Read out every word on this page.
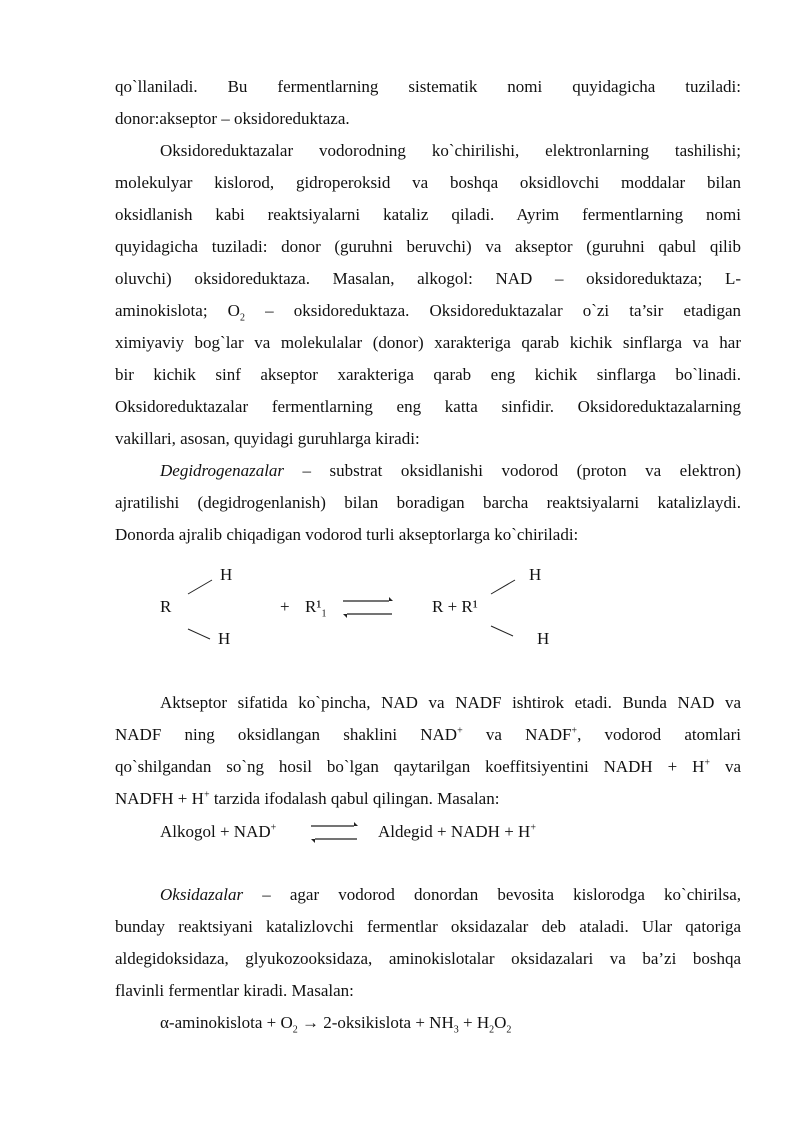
qo`llaniladi. Bu fermentlarning sistematik nomi quyidagicha tuziladi:
donor:akseptor – oksidoreduktaza.
Oksidoreduktazalar vodorodning ko`chirilishi, elektronlarning tashilishi;
molekulyar kislorod, gidroperoksid va boshqa oksidlovchi moddalar bilan
oksidlanish kabi reaktsiyalarni kataliz qiladi. Ayrim fermentlarning nomi
quyidagicha tuziladi: donor (guruhni beruvchi) va akseptor (guruhni qabul qilib
oluvchi) oksidoreduktaza. Masalan, alkogol: NAD – oksidoreduktaza; L-
aminokislota; $O_2$ – oksidoreduktaza. Oksidoreduktazalar o`zi ta’sir etadigan
ximiyaviy bog`lar va molekulalar (donor) xarakteriga qarab kichik sinflarga va har
bir kichik sinf akseptor xarakteriga qarab eng kichik sinflarga bo`linadi.
Oksidoreduktazalar fermentlarning eng katta sinfidir. Oksidoreduktazalarning
vakillari, asosan, quyidagi guruhlarga kiradi:
Degidrogenazalar – substrat oksidlanishi vodorod (proton va elektron)
ajratilishi (degidrogenlanish) bilan boradigan barcha reaktsiyalarni katalizlaydi.
Donorda ajralib chiqadigan vodorod turli akseptorlarga ko`chiriladi:
H
R
H
+ $R^1_1$	R + R¹
H
H
Aktseptor sifatida ko`pincha, NAD va NADF ishtirok etadi. Bunda NAD va
NADF ning oksidlangan shaklini NAD+ va NADF+, vodorod atomlari
qo`shilgandan so`ng hosil bo`lgan qaytarilgan koeffitsiyentini NADH + H+ va
NADFH + H+ tarzida ifodalash qabul qilingan. Masalan:
Alkogol + NAD+	Aldegid + NADH + H+
Oksidazalar – agar vodorod donordan bevosita kislorodga ko`chirilsa,
bunday reaktsiyani katalizlovchi fermentlar oksidazalar deb ataladi. Ular qatoriga
aldegidoksidaza, glyukozooksidaza, aminokislotalar oksidazalari va ba’zi boshqa
flavinli fermentlar kiradi. Masalan:
α-aminokislota + $O_2$ → 2-oksikislota + $NH_3 + H_2O_2$
